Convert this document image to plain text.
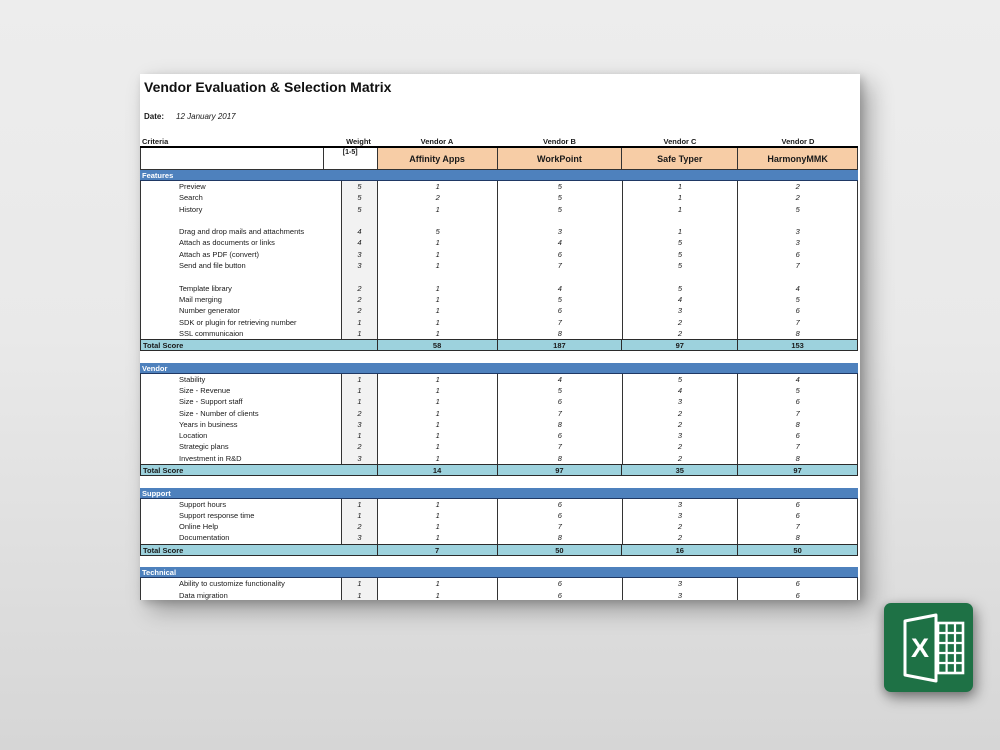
Vendor Evaluation & Selection Matrix
Date: 12 January 2017
Criteria	Weight	Vendor A	Vendor B	Vendor C	Vendor D
[1-5]
Affinity Apps	WorkPoint	Safe Typer	HarmonyMMK
Features
Preview	5	1	5	1	2
Search	5	2	5	1	2
History	5	1	5	1	5
Drag and drop mails and attachments	4	5	3	1	3
Attach as documents or links	4	1	4	5	3
Attach as PDF (convert)	3	1	6	5	6
Send and file button	3	1	7	5	7
Template library	2	1	4	5	4
Mail merging	2	1	5	4	5
Number generator	2	1	6	3	6
SDK or plugin for retrieving number	1	1	7	2	7
SSL communicaion	1	1	8	2	8
Total Score	58	187	97	153
Vendor
Stability	1	1	4	5	4
Size - Revenue	1	1	5	4	5
Size - Support staff	1	1	6	3	6
Size - Number of clients	2	1	7	2	7
Years in business	3	1	8	2	8
Location	1	1	6	3	6
Strategic plans	2	1	7	2	7
Investment in R&D	3	1	8	2	8
Total Score	14	97	35	97
Support
Support hours	1	1	6	3	6
Support response time	1	1	6	3	6
Online Help	2	1	7	2	7
Documentation	3	1	8	2	8
Total Score	7	50	16	50
Technical
Ability to customize functionality	1	1	6	3	6
Data migration	1	1	6	3	6
X
